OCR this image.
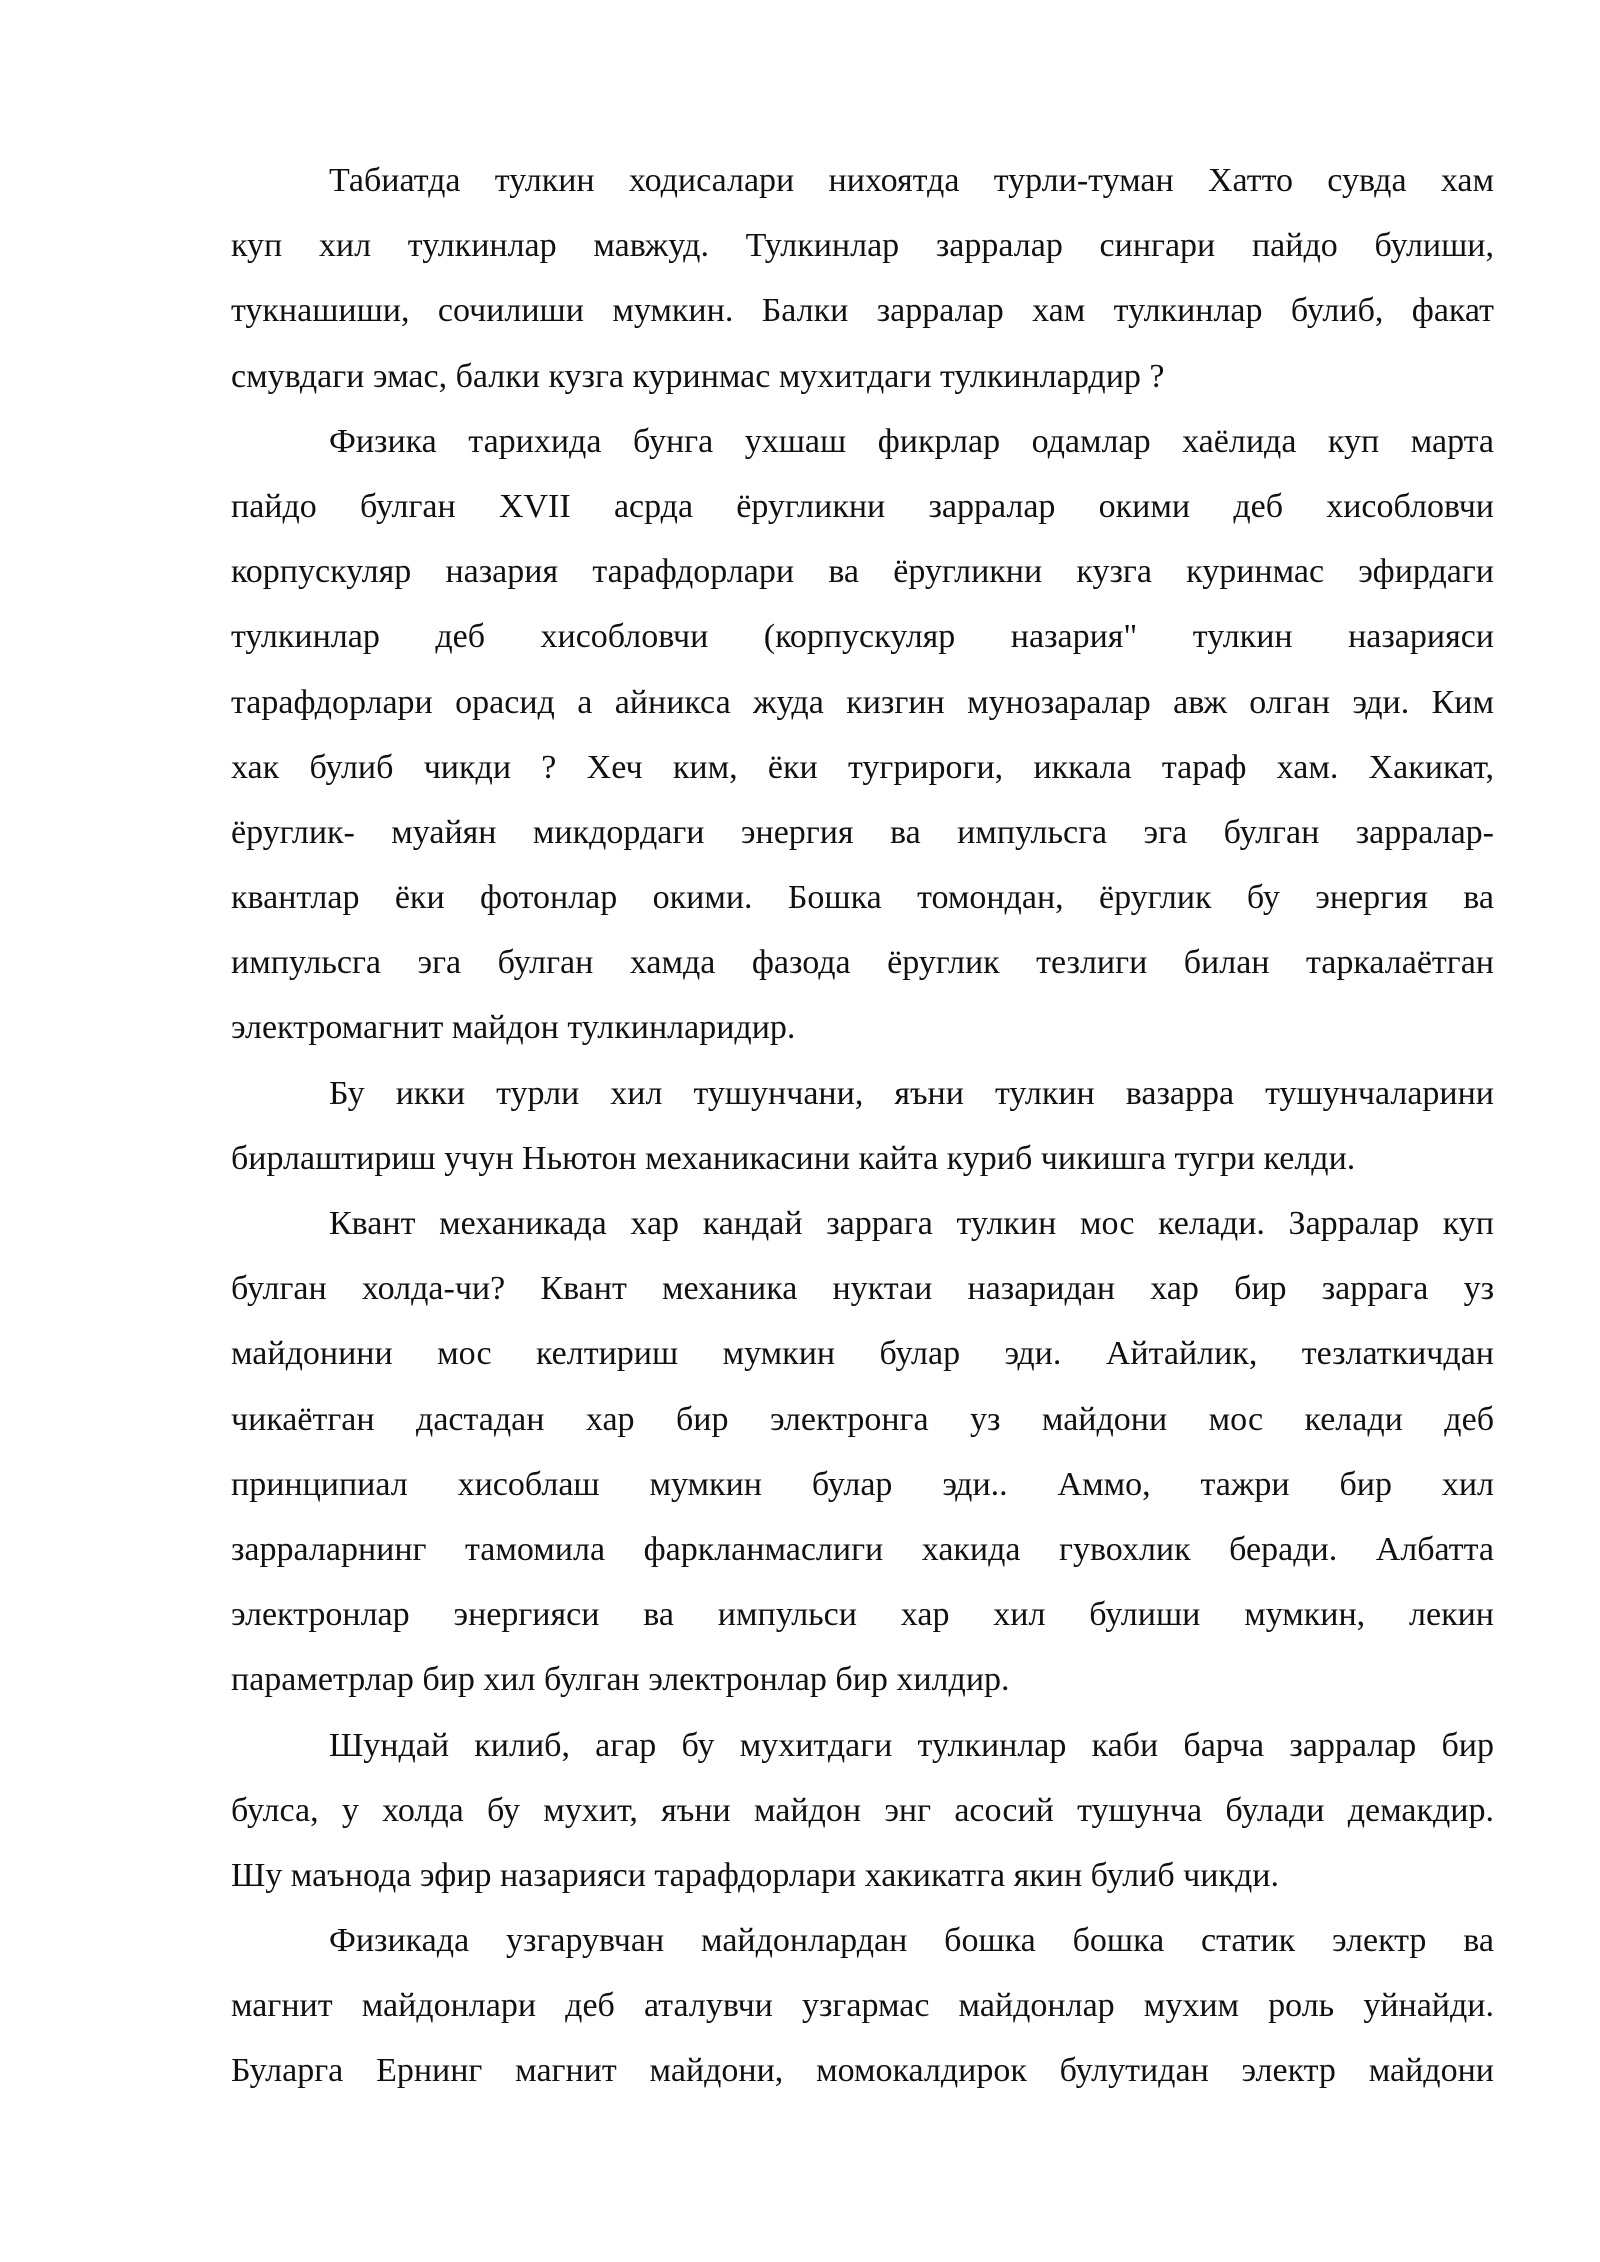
Табиатда тулкин ходисалари нихоятда турли-туман Хатто сувда хам
куп хил тулкинлар мавжуд. Тулкинлар зарралар сингари пайдо булиши,
тукнашиши, сочилиши мумкин. Балки зарралар хам тулкинлар булиб, факат
смувдаги эмас, балки кузга куринмас мухитдаги тулкинлардир ?
Физика тарихида бунга ухшаш фикрлар одамлар хаёлида куп марта
пайдо булган XVII асрда ёругликни зарралар окими деб хисобловчи
корпускуляр назария тарафдорлари ва ёругликни кузга куринмас эфирдаги
тулкинлар деб хисобловчи (корпускуляр назария" тулкин назарияси
тарафдорлари орасид а айникса жуда кизгин мунозаралар авж олган эди. Ким
хак булиб чикди ? Хеч ким, ёки тугрироги, иккала тараф хам. Хакикат,
ёруглик- муайян микдордаги энергия ва импульсга эга булган зарралар-
квантлар ёки фотонлар окими. Бошка томондан, ёруглик бу энергия ва
импульсга эга булган хамда фазода ёруглик тезлиги билан таркалаётган
электромагнит майдон тулкинларидир.
Бу икки турли хил тушунчани, яъни тулкин вазарра тушунчаларини
бирлаштириш учун Ньютон механикасини кайта куриб чикишга тугри келди.
Квант механикада хар кандай заррага тулкин мос келади. Зарралар куп
булган холда-чи? Квант механика нуктаи назаридан хар бир заррага уз
майдонини мос келтириш мумкин булар эди. Айтайлик, тезлаткичдан
чикаётган дастадан хар бир электронга уз майдони мос келади деб
принципиал хисоблаш мумкин булар эди.. Аммо, тажри бир хил
зарраларнинг тамомила фаркланмаслиги хакида гувохлик беради. Албатта
электронлар энергияси ва импульси хар хил булиши мумкин, лекин
параметрлар бир хил булган электронлар бир хилдир.
Шундай килиб, агар бу мухитдаги тулкинлар каби барча зарралар бир
булса, у холда бу мухит, яъни майдон энг асосий тушунча булади демакдир.
Шу маънода эфир назарияси тарафдорлари хакикатга якин булиб чикди.
Физикада узгарувчан майдонлардан бошка бошка статик электр ва
магнит майдонлари деб аталувчи узгармас майдонлар мухим роль уйнайди.
Буларга Ернинг магнит майдони, момокалдирок булутидан электр майдони
